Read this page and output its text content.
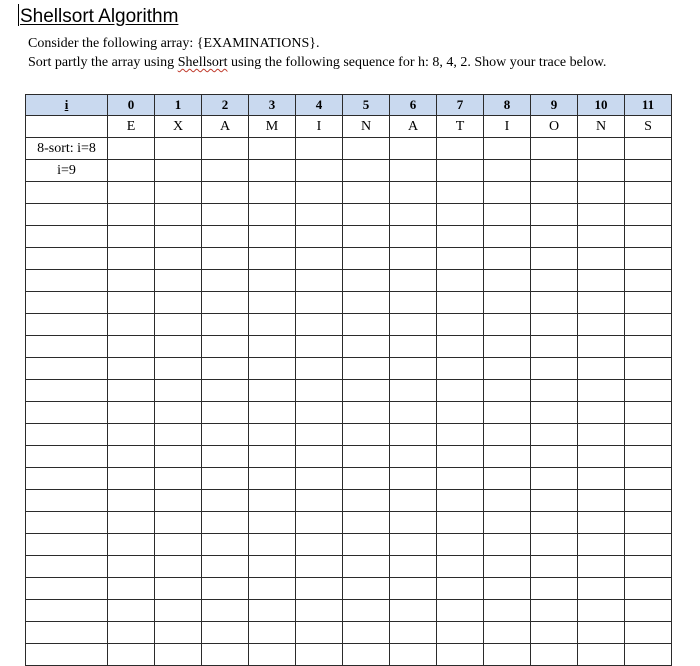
Shellsort Algorithm
Consider the following array: {EXAMINATIONS}.
Sort partly the array using Shellsort using the following sequence for h: 8, 4, 2. Show your trace below.
i	0	1	2	3	4	5	6	7	8	9	10	11
	E	X	A	M	I	N	A	T	I	O	N	S
8-sort: i=8												
i=9												
